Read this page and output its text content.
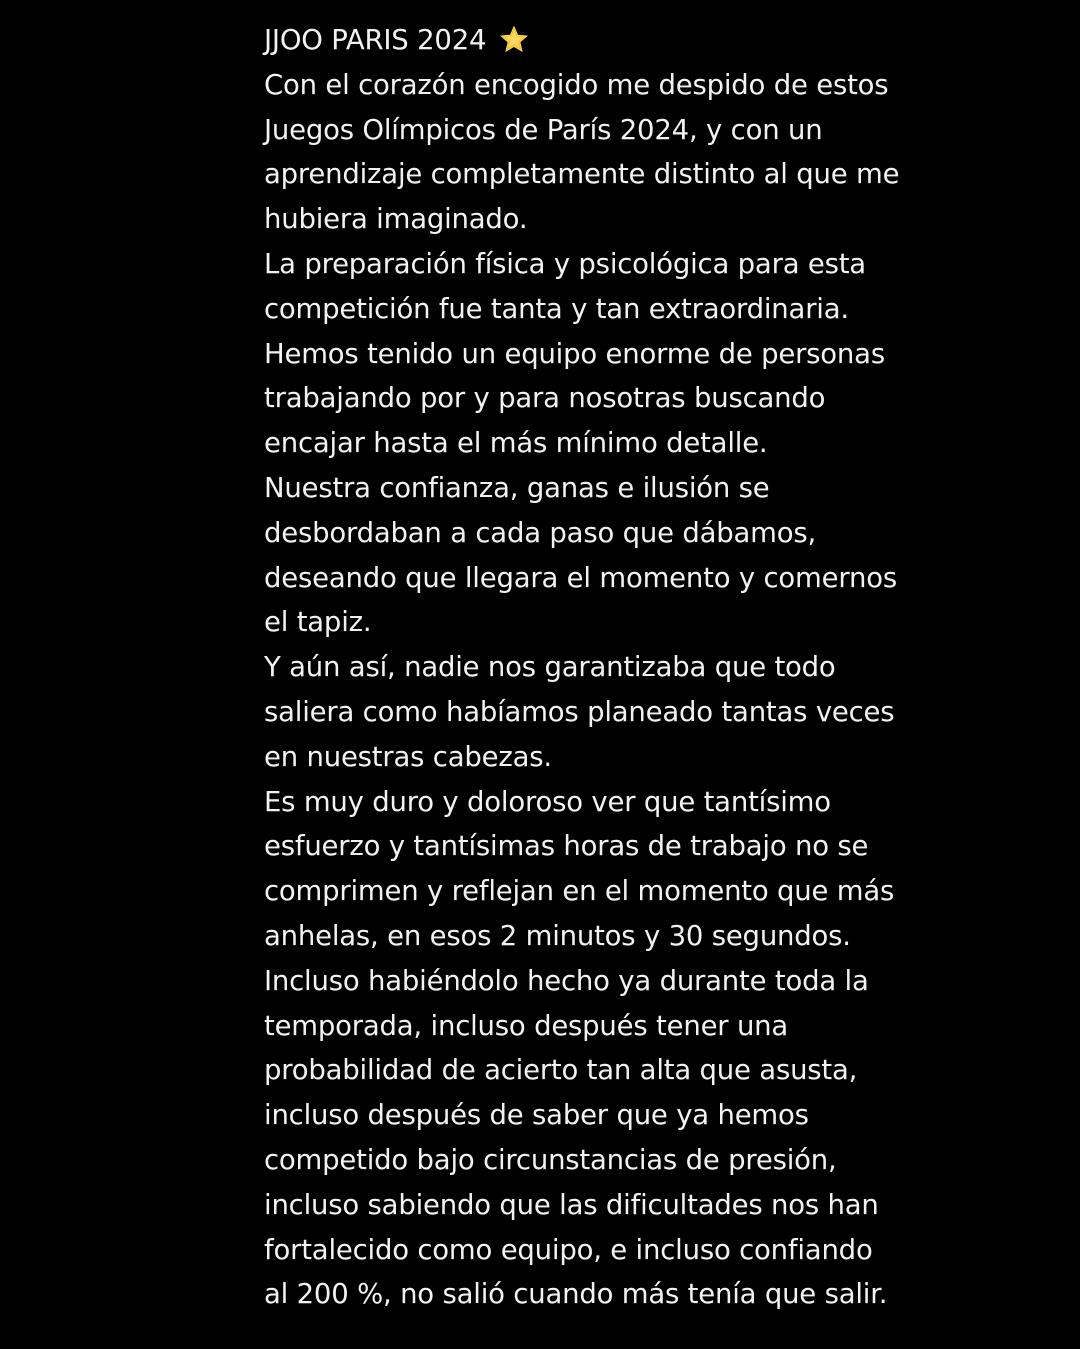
JJOO PARIS 2024
Con el corazón encogido me despido de estos
Juegos Olímpicos de París 2024, y con un
aprendizaje completamente distinto al que me
hubiera imaginado.
La preparación física y psicológica para esta
competición fue tanta y tan extraordinaria.
Hemos tenido un equipo enorme de personas
trabajando por y para nosotras buscando
encajar hasta el más mínimo detalle.
Nuestra confianza, ganas e ilusión se
desbordaban a cada paso que dábamos,
deseando que llegara el momento y comernos
el tapiz.
Y aún así, nadie nos garantizaba que todo
saliera como habíamos planeado tantas veces
en nuestras cabezas.
Es muy duro y doloroso ver que tantísimo
esfuerzo y tantísimas horas de trabajo no se
comprimen y reflejan en el momento que más
anhelas, en esos 2 minutos y 30 segundos.
Incluso habiéndolo hecho ya durante toda la
temporada, incluso después tener una
probabilidad de acierto tan alta que asusta,
incluso después de saber que ya hemos
competido bajo circunstancias de presión,
incluso sabiendo que las dificultades nos han
fortalecido como equipo, e incluso confiando
al 200 %, no salió cuando más tenía que salir.
